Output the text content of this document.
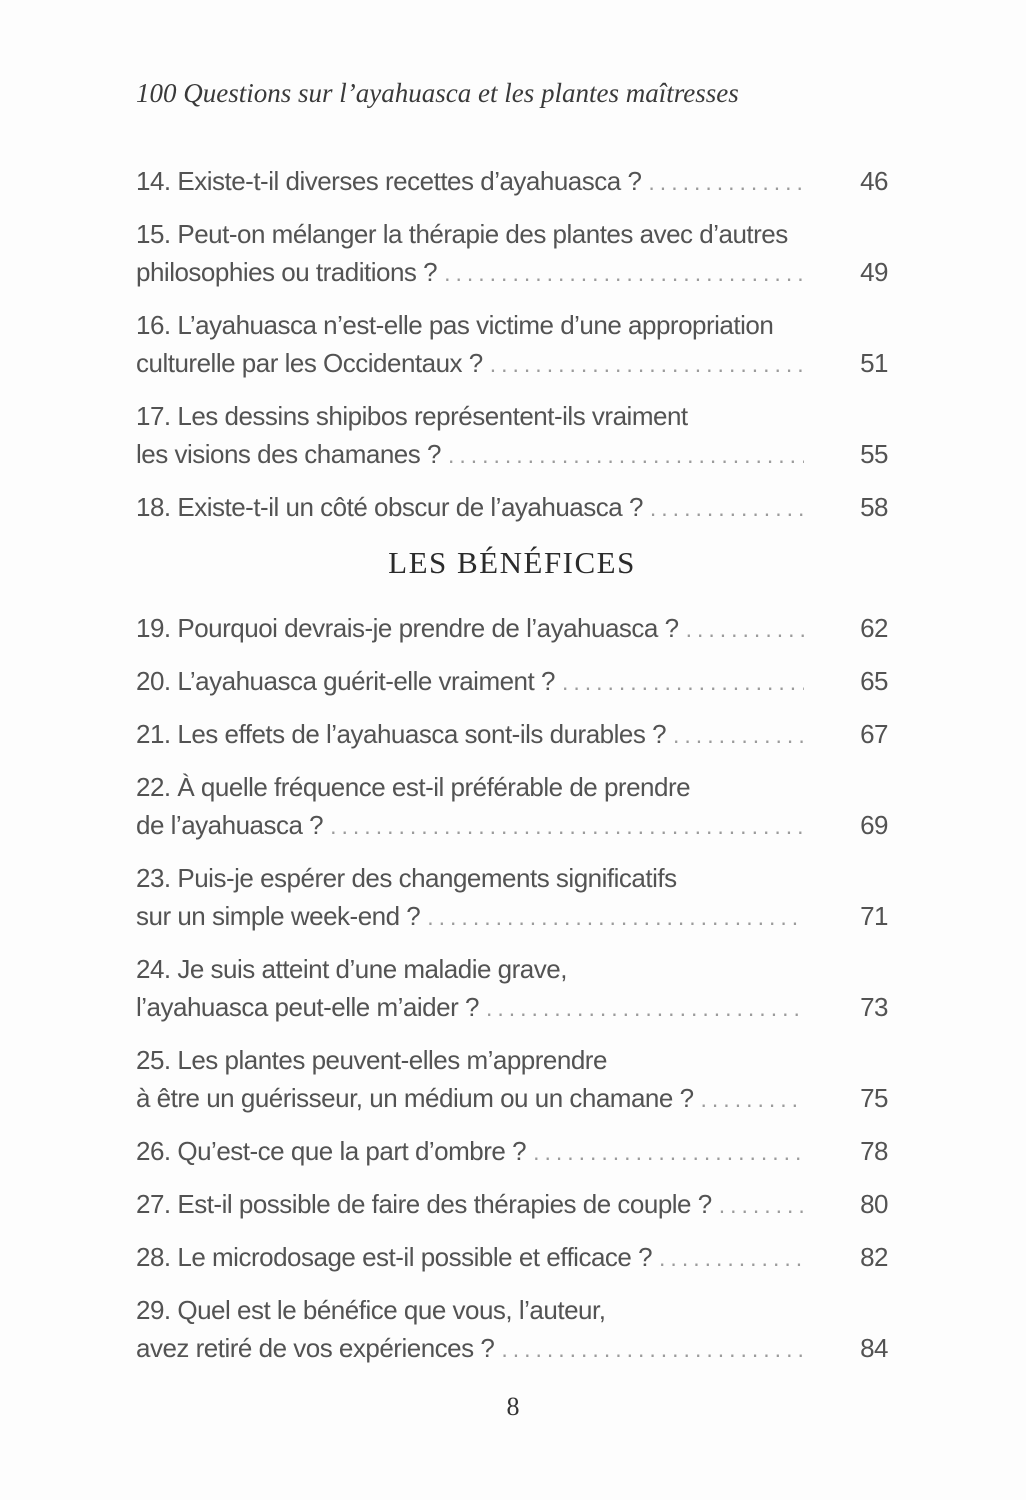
100 Questions sur l’ayahuasca et les plantes maîtresses
14. Existe-t-il diverses recettes d’ayahuasca ? .....	46
15. Peut-on mélanger la thérapie des plantes avec d’autres
philosophies ou traditions ? .....	49
16. L’ayahuasca n’est-elle pas victime d’une appropriation
culturelle par les Occidentaux ? .....	51
17. Les dessins shipibos représentent-ils vraiment
les visions des chamanes ? .....	55
18. Existe-t-il un côté obscur de l’ayahuasca ? .....	58
LES BÉNÉFICES
19. Pourquoi devrais-je prendre de l’ayahuasca ? .....	62
20. L’ayahuasca guérit-elle vraiment ? .....	65
21. Les effets de l’ayahuasca sont-ils durables ? .....	67
22. À quelle fréquence est-il préférable de prendre
de l’ayahuasca ? .....	69
23. Puis-je espérer des changements significatifs
sur un simple week-end ? .....	71
24. Je suis atteint d’une maladie grave,
l’ayahuasca peut-elle m’aider ? .....	73
25. Les plantes peuvent-elles m’apprendre
à être un guérisseur, un médium ou un chamane ? .....	75
26. Qu’est-ce que la part d’ombre ? .....	78
27. Est-il possible de faire des thérapies de couple ? .....	80
28. Le microdosage est-il possible et efficace ? .....	82
29. Quel est le bénéfice que vous, l’auteur,
avez retiré de vos expériences ? .....	84
8
